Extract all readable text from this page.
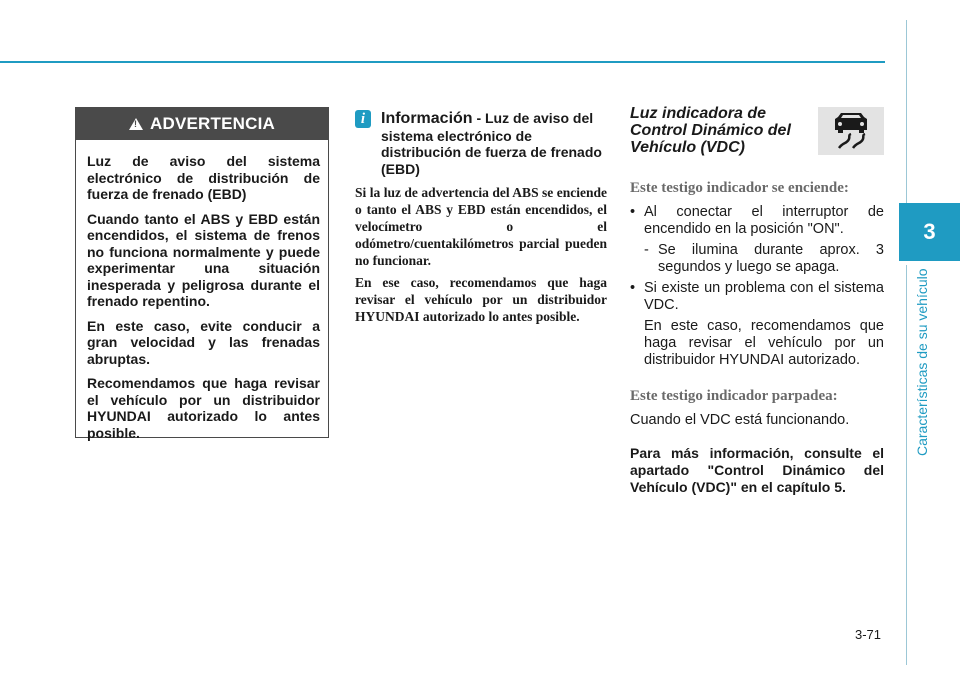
3
Características de su vehículo
!
ADVERTENCIA

Luz de aviso del sistema electrónico de distribución de fuerza de frenado (EBD)

Cuando tanto el ABS y EBD están encendidos, el sistema de frenos no funciona normalmente y puede experimentar una situación inesperada y peligrosa durante el frenado repentino.

En este caso, evite conducir a gran velocidad y las frenadas abruptas.

Recomendamos que haga revisar el vehículo por un distribuidor HYUNDAI autorizado lo antes posible.

i Información - Luz de aviso del sistema electrónico de distribución de fuerza de frenado (EBD)

Si la luz de advertencia del ABS se enciende o tanto el ABS y EBD están encendidos, el velocímetro o el odómetro/cuentakilómetros parcial pueden no funcionar.

En ese caso, recomendamos que haga revisar el vehículo por un distribuidor HYUNDAI autorizado lo antes posible.

Luz indicadora de Control Dinámico del Vehículo (VDC)
Este testigo indicador se enciende:
• Al conectar el interruptor de encendido en la posición "ON".
- Se ilumina durante aprox. 3 segundos y luego se apaga.
• Si existe un problema con el sistema VDC.
En este caso, recomendamos que haga revisar el vehículo por un distribuidor HYUNDAI autorizado.
Este testigo indicador parpadea:
Cuando el VDC está funcionando.
Para más información, consulte el apartado "Control Dinámico del Vehículo (VDC)" en el capítulo 5.
3-71
